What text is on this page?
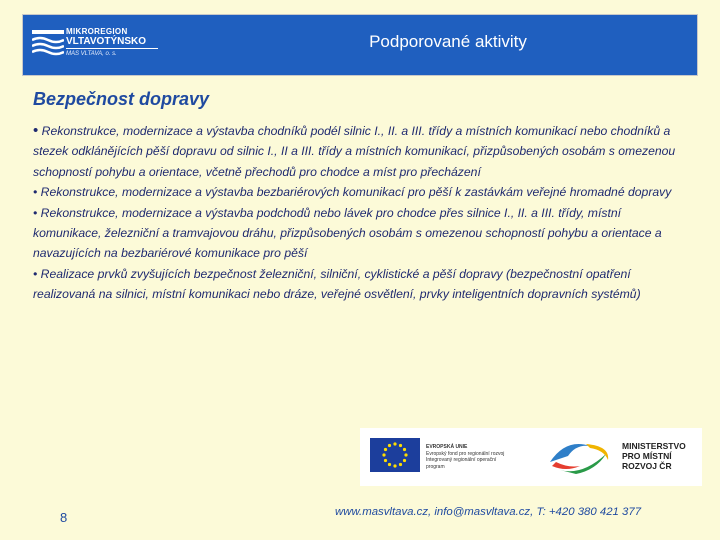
MIKROREGION
VLTAVOTÝNSKO
MAS VLTAVA, o. s.
Podporované aktivity
Bezpečnost dopravy

• Rekonstrukce, modernizace a výstavba chodníků podél silnic I., II. a III. třídy a místních komunikací nebo chodníků a stezek odklánějících pěší dopravu od silnic I., II a III. třídy a místních komunikací, přizpůsobených osobám s omezenou schopností pohybu a orientace, včetně přechodů pro chodce a míst pro přecházení

• Rekonstrukce, modernizace a výstavba bezbariérových komunikací pro pěší k zastávkám veřejné hromadné dopravy

• Rekonstrukce, modernizace a výstavba podchodů nebo lávek pro chodce přes silnice I., II. a III. třídy, místní komunikace, železniční a tramvajovou dráhu, přizpůsobených osobám s omezenou schopností pohybu a orientace a navazujících na bezbariérové komunikace pro pěší

• Realizace prvků zvyšujících bezpečnost železniční, silniční, cyklistické a pěší dopravy (bezpečnostní opatření realizovaná na silnici, místní komunikaci nebo dráze, veřejné osvětlení, prvky inteligentních dopravních systémů)

EVROPSKÁ UNIE
Evropský fond pro regionální rozvoj
Integrovaný regionální operační program
MINISTERSTVO
PRO MÍSTNÍ
ROZVOJ ČR
8	www.masvltava.cz, info@masvltava.cz, T: +420 380 421 377
